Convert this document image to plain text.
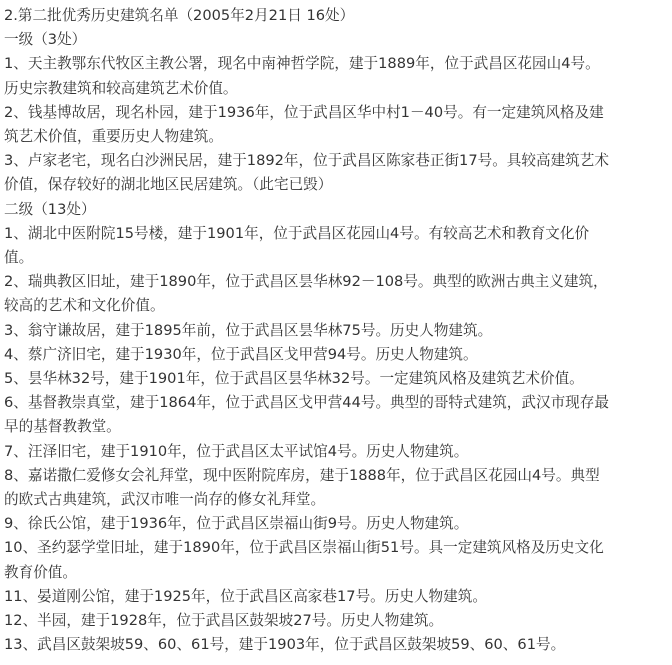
2.第二批优秀历史建筑名单（2005年2月21日 16处）
一级（3处）
1、天主教鄂东代牧区主教公署，现名中南神哲学院，建于1889年，位于武昌区花园山4号。
历史宗教建筑和较高建筑艺术价值。
2、钱基博故居，现名朴园，建于1936年，位于武昌区华中村1－40号。有一定建筑风格及建
筑艺术价值，重要历史人物建筑。
3、卢家老宅，现名白沙洲民居，建于1892年，位于武昌区陈家巷正街17号。具较高建筑艺术
价值，保存较好的湖北地区民居建筑。（此宅已毁）
二级（13处）
1、湖北中医附院15号楼，建于1901年，位于武昌区花园山4号。有较高艺术和教育文化价
值。
2、瑞典教区旧址，建于1890年，位于武昌区昙华林92－108号。典型的欧洲古典主义建筑，
较高的艺术和文化价值。
3、翁守谦故居，建于1895年前，位于武昌区昙华林75号。历史人物建筑。
4、蔡广济旧宅，建于1930年，位于武昌区戈甲营94号。历史人物建筑。
5、昙华林32号，建于1901年，位于武昌区昙华林32号。一定建筑风格及建筑艺术价值。
6、基督教崇真堂，建于1864年，位于武昌区戈甲营44号。典型的哥特式建筑，武汉市现存最
早的基督教教堂。
7、汪泽旧宅，建于1910年，位于武昌区太平试馆4号。历史人物建筑。
8、嘉诺撒仁爱修女会礼拜堂，现中医附院库房，建于1888年，位于武昌区花园山4号。典型
的欧式古典建筑，武汉市唯一尚存的修女礼拜堂。
9、徐氏公馆，建于1936年，位于武昌区崇福山街9号。历史人物建筑。
10、圣约瑟学堂旧址，建于1890年，位于武昌区崇福山街51号。具一定建筑风格及历史文化
教育价值。
11、晏道刚公馆，建于1925年，位于武昌区高家巷17号。历史人物建筑。
12、半园，建于1928年，位于武昌区鼓架坡27号。历史人物建筑。
13、武昌区鼓架坡59、60、61号，建于1903年，位于武昌区鼓架坡59、60、61号。
